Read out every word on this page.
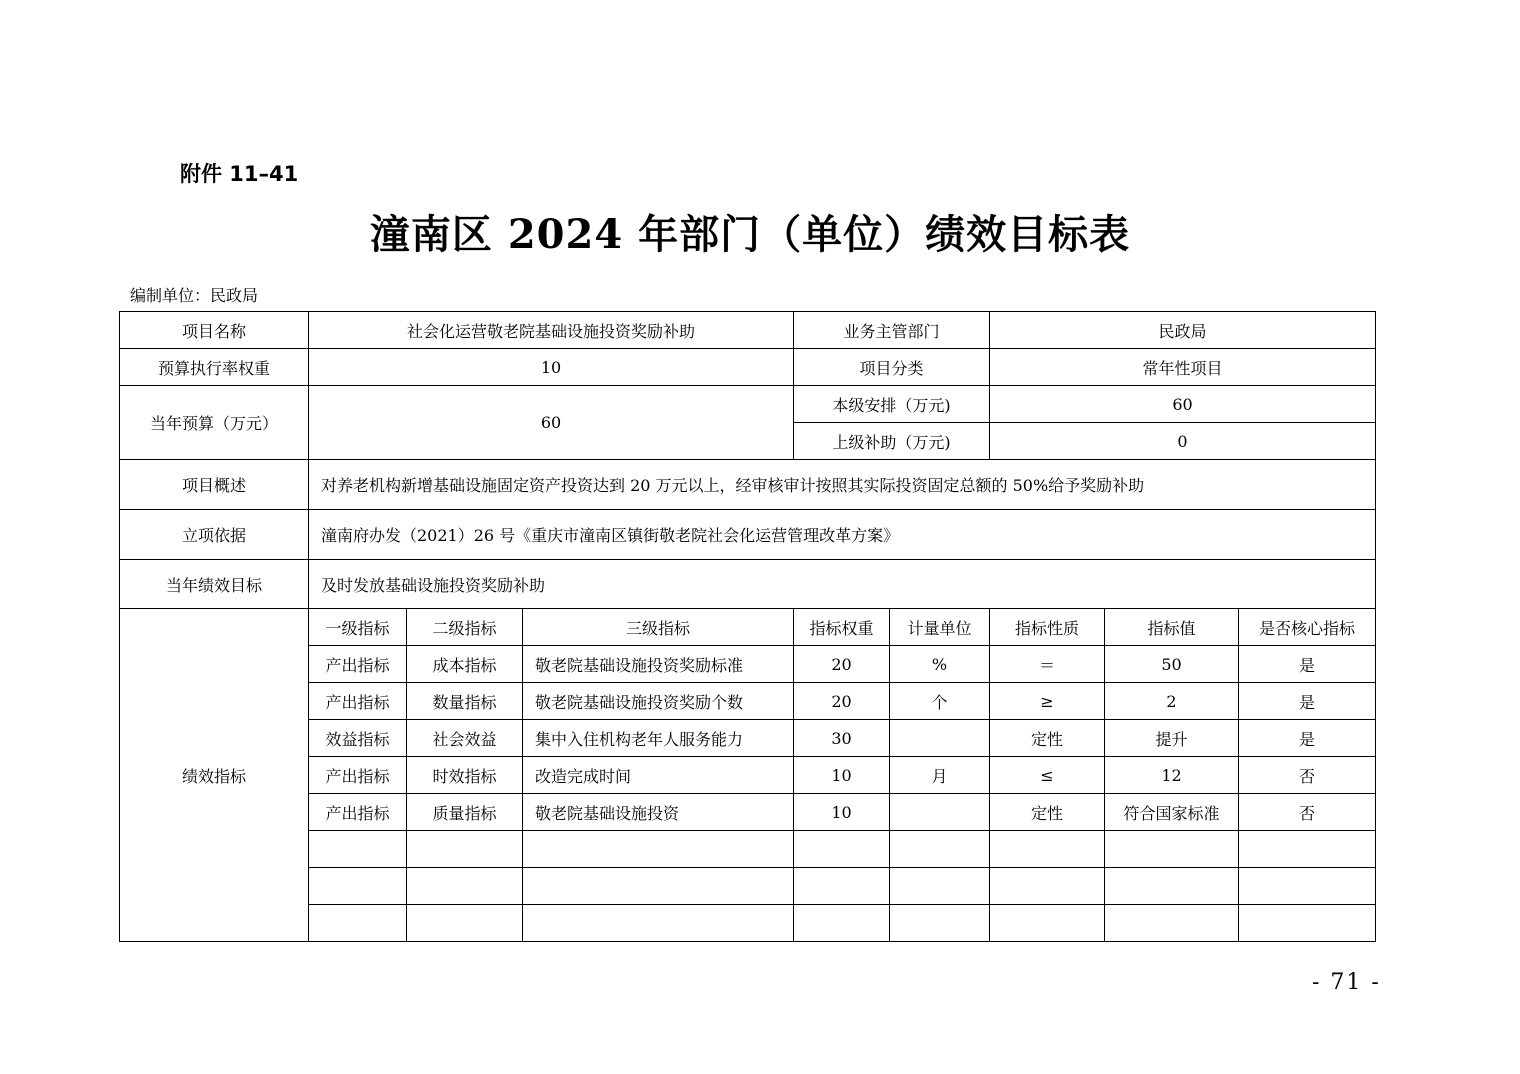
附件 11–41
潼南区 2024 年部门（单位）绩效目标表
编制单位：民政局
项目名称	社会化运营敬老院基础设施投资奖励补助			业务主管部门		民政局		
预算执行率权重	10			项目分类		常年性项目		
当年预算（万元）	60			本级安排（万元)		60		
				上级补助（万元)		0		
项目概述	对养老机构新增基础设施固定资产投资达到 20 万元以上，经审核审计按照其实际投资固定总额的 50%给予奖励补助							
立项依据	潼南府办发（2021）26 号《重庆市潼南区镇街敬老院社会化运营管理改革方案》							
当年绩效目标	及时发放基础设施投资奖励补助							
绩效指标	一级指标	二级指标	三级指标	指标权重	计量单位	指标性质	指标值	是否核心指标
	产出指标	成本指标	敬老院基础设施投资奖励标准	20	%	＝	50	是
	产出指标	数量指标	敬老院基础设施投资奖励个数	20	个	≥	2	是
	效益指标	社会效益	集中入住机构老年人服务能力	30		定性	提升	是
	产出指标	时效指标	改造完成时间	10	月	≤	12	否
	产出指标	质量指标	敬老院基础设施投资	10		定性	符合国家标准	否

- 71 -
